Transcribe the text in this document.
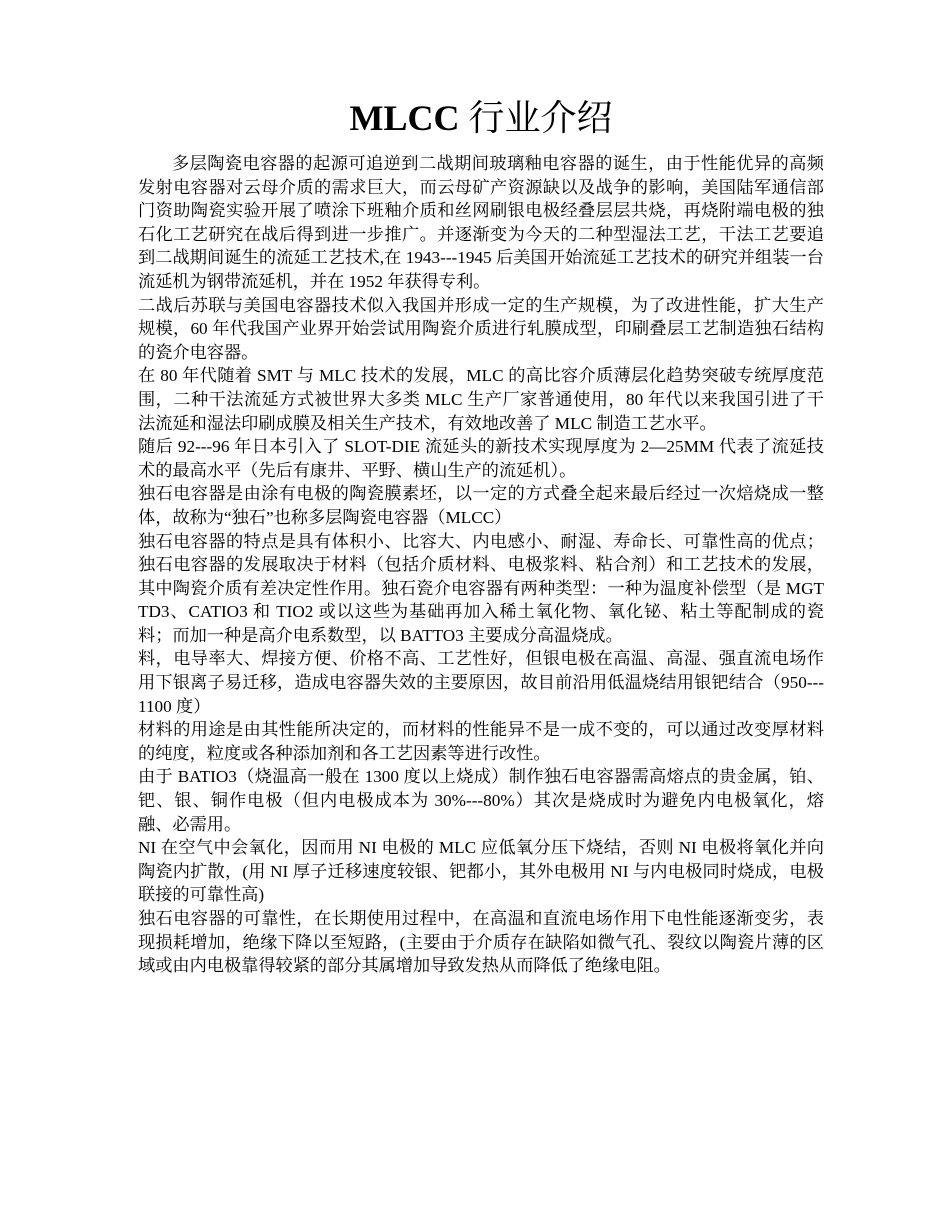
MLCC 行业介绍

多层陶瓷电容器的起源可追逆到二战期间玻璃釉电容器的诞生，由于性能优异的高频发射电容器对云母介质的需求巨大，而云母矿产资源缺以及战争的影响，美国陆军通信部门资助陶瓷实验开展了喷涂下班釉介质和丝网刷银电极经叠层层共烧，再烧附端电极的独石化工艺研究在战后得到进一步推广。并逐渐变为今天的二种型湿法工艺，干法工艺要追到二战期间诞生的流延工艺技术,在 1943---1945 后美国开始流延工艺技术的研究并组装一台流延机为钢带流延机，并在 1952 年获得专利。

二战后苏联与美国电容器技术似入我国并形成一定的生产规模，为了改进性能，扩大生产规模，60 年代我国产业界开始尝试用陶瓷介质进行轧膜成型，印刷叠层工艺制造独石结构的瓷介电容器。

在 80 年代随着 SMT 与 MLC 技术的发展，MLC 的高比容介质薄层化趋势突破专统厚度范围，二种干法流延方式被世界大多类 MLC 生产厂家普通使用，80 年代以来我国引进了干法流延和湿法印刷成膜及相关生产技术，有效地改善了 MLC 制造工艺水平。

随后 92---96 年日本引入了 SLOT-DIE 流延头的新技术实现厚度为 2—25MM 代表了流延技术的最高水平（先后有康井、平野、横山生产的流延机）。

独石电容器是由涂有电极的陶瓷膜素坯，以一定的方式叠全起来最后经过一次焙烧成一整体，故称为“独石”也称多层陶瓷电容器（MLCC）

独石电容器的特点是具有体积小、比容大、内电感小、耐湿、寿命长、可靠性高的优点；独石电容器的发展取决于材料（包括介质材料、电极浆料、粘合剂）和工艺技术的发展，其中陶瓷介质有差决定性作用。独石瓷介电容器有两种类型：一种为温度补偿型（是 MGTTD3、CATIO3 和 TIO2 或以这些为基础再加入稀土氧化物、氧化铋、粘土等配制成的瓷料；而加一种是高介电系数型，以 BATTO3 主要成分高温烧成。

料，电导率大、焊接方便、价格不高、工艺性好，但银电极在高温、高湿、强直流电场作用下银离子易迁移，造成电容器失效的主要原因，故目前沿用低温烧结用银钯结合（950---1100 度）

材料的用途是由其性能所决定的，而材料的性能异不是一成不变的，可以通过改变厚材料的纯度，粒度或各种添加剂和各工艺因素等进行改性。

由于 BATIO3（烧温高一般在 1300 度以上烧成）制作独石电容器需高熔点的贵金属，铂、钯、银、铜作电极（但内电极成本为 30%---80%）其次是烧成时为避免内电极氧化，熔融、必需用。

NI 在空气中会氧化，因而用 NI 电极的 MLC 应低氧分压下烧结，否则 NI 电极将氧化并向陶瓷内扩散，(用 NI 厚子迁移速度较银、钯都小，其外电极用 NI 与内电极同时烧成，电极联接的可靠性高)

独石电容器的可靠性，在长期使用过程中，在高温和直流电场作用下电性能逐渐变劣，表现损耗增加，绝缘下降以至短路，(主要由于介质存在缺陷如微气孔、裂纹以陶瓷片薄的区域或由内电极靠得较紧的部分其属增加导致发热从而降低了绝缘电阻。
